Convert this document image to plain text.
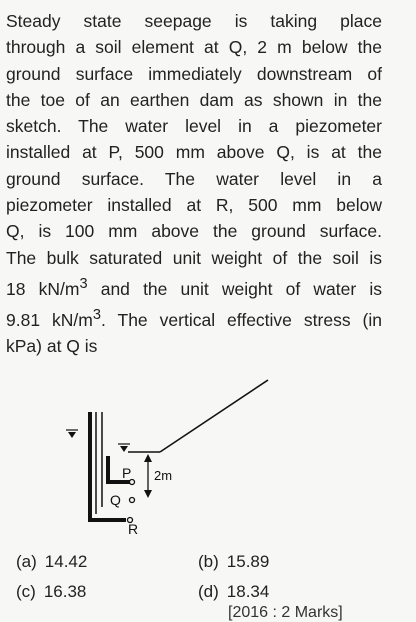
Steady state seepage is taking place
through a soil element at Q, 2 m below the
ground surface immediately downstream of
the toe of an earthen dam as shown in the
sketch. The water level in a piezometer
installed at P, 500 mm above Q, is at the
ground surface. The water level in a
piezometer installed at R, 500 mm below
Q, is 100 mm above the ground surface.
The bulk saturated unit weight of the soil is
18 $kN/m^3$ and the unit weight of water is
9.81 $kN/m^3$. The vertical effective stress (in
kPa) at Q is
P
Q
R
2m
(a) 14.42	(b) 15.89
(c) 16.38	(d) 18.34
[2016 : 2 Marks]
